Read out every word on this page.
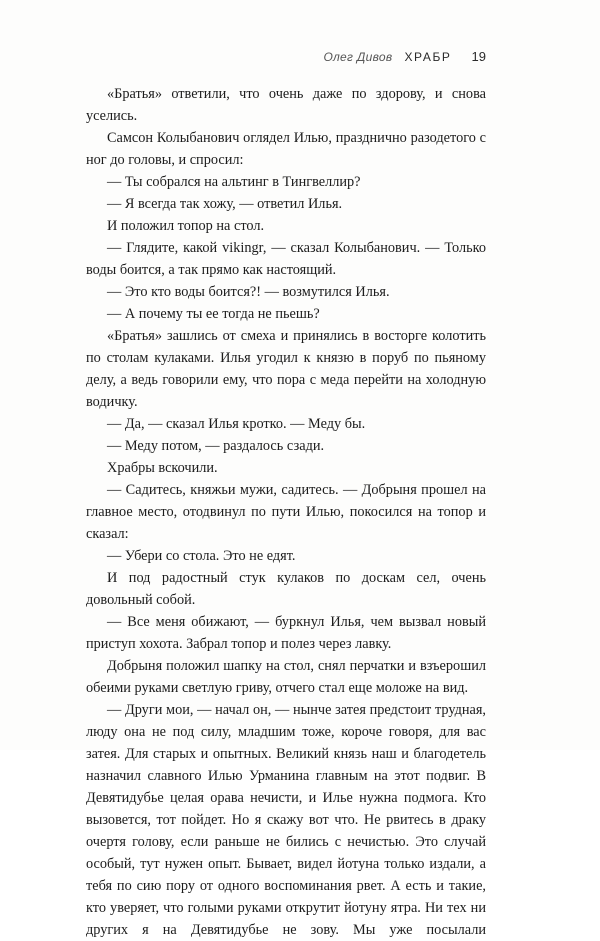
Олег Дивов ХРАБР 19

«Братья» ответили, что очень даже по здорову, и снова уселись.

Самсон Колыбанович оглядел Илью, празднично разодетого с ног до головы, и спросил:

— Ты собрался на альтинг в Тингвеллир?

— Я всегда так хожу, — ответил Илья.

И положил топор на стол.

— Глядите, какой vikingr, — сказал Колыбанович. — Только воды боится, а так прямо как настоящий.

— Это кто воды боится?! — возмутился Илья.

— А почему ты ее тогда не пьешь?

«Братья» зашлись от смеха и принялись в восторге колотить по столам кулаками. Илья угодил к князю в поруб по пьяному делу, а ведь говорили ему, что пора с меда перейти на холодную водичку.

— Да, — сказал Илья кротко. — Меду бы.

— Меду потом, — раздалось сзади.

Храбры вскочили.

— Садитесь, княжьи мужи, садитесь. — Добрыня прошел на главное место, отодвинул по пути Илью, покосился на топор и сказал:

— Убери со стола. Это не едят.

И под радостный стук кулаков по доскам сел, очень довольный собой.

— Все меня обижают, — буркнул Илья, чем вызвал новый приступ хохота. Забрал топор и полез через лавку.

Добрыня положил шапку на стол, снял перчатки и взъерошил обеими руками светлую гриву, отчего стал еще моложе на вид.

— Други мои, — начал он, — нынче затея предстоит трудная, люду она не под силу, младшим тоже, короче говоря, для вас затея. Для старых и опытных. Великий князь наш и благодетель назначил славного Илью Урманина главным на этот подвиг. В Девятидубье целая орава нечисти, и Илье нужна подмога. Кто вызовется, тот пойдет. Но я скажу вот что. Не рвитесь в драку очертя голову, если раньше не бились с нечистью. Это случай особый, тут нужен опыт. Бывает, видел йотуна только издали, а тебя по сию пору от одного воспоминания рвет. А есть и такие, кто уверяет, что голыми руками открутит йотуну ятра. Ни тех ни других я на Девятидубье не зову. Мы уже посылали
